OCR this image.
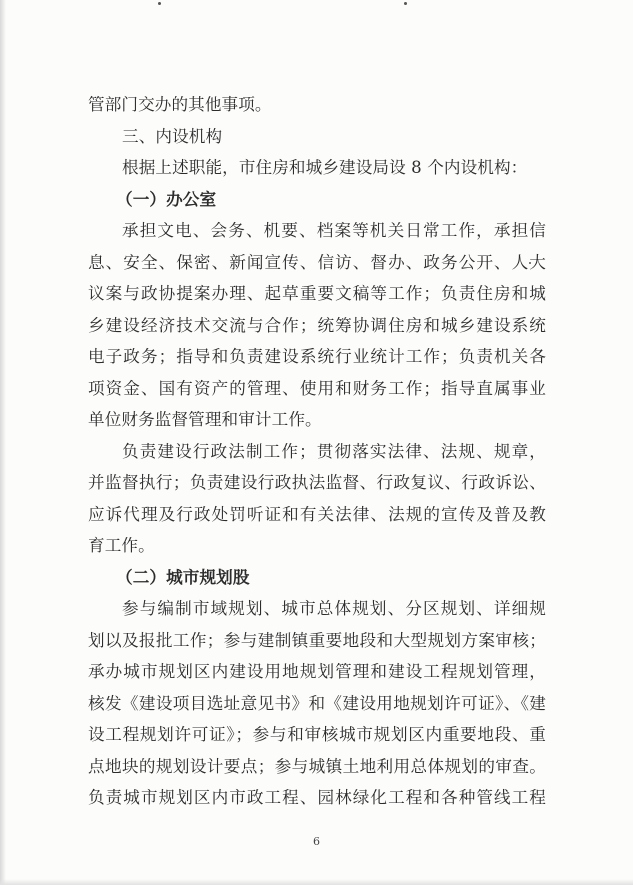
管部门交办的其他事项。
三、内设机构
根据上述职能，市住房和城乡建设局设 8 个内设机构：
（一）办公室
承担文电、会务、机要、档案等机关日常工作，承担信
息、安全、保密、新闻宣传、信访、督办、政务公开、人大
议案与政协提案办理、起草重要文稿等工作；负责住房和城
乡建设经济技术交流与合作；统筹协调住房和城乡建设系统
电子政务；指导和负责建设系统行业统计工作；负责机关各
项资金、国有资产的管理、使用和财务工作；指导直属事业
单位财务监督管理和审计工作。
负责建设行政法制工作；贯彻落实法律、法规、规章，
并监督执行；负责建设行政执法监督、行政复议、行政诉讼、
应诉代理及行政处罚听证和有关法律、法规的宣传及普及教
育工作。
（二）城市规划股
参与编制市域规划、城市总体规划、分区规划、详细规
划以及报批工作；参与建制镇重要地段和大型规划方案审核；
承办城市规划区内建设用地规划管理和建设工程规划管理，
核发《建设项目选址意见书》和《建设用地规划许可证》、《建
设工程规划许可证》；参与和审核城市规划区内重要地段、重
点地块的规划设计要点；参与城镇土地利用总体规划的审查。
负责城市规划区内市政工程、园林绿化工程和各种管线工程
6
